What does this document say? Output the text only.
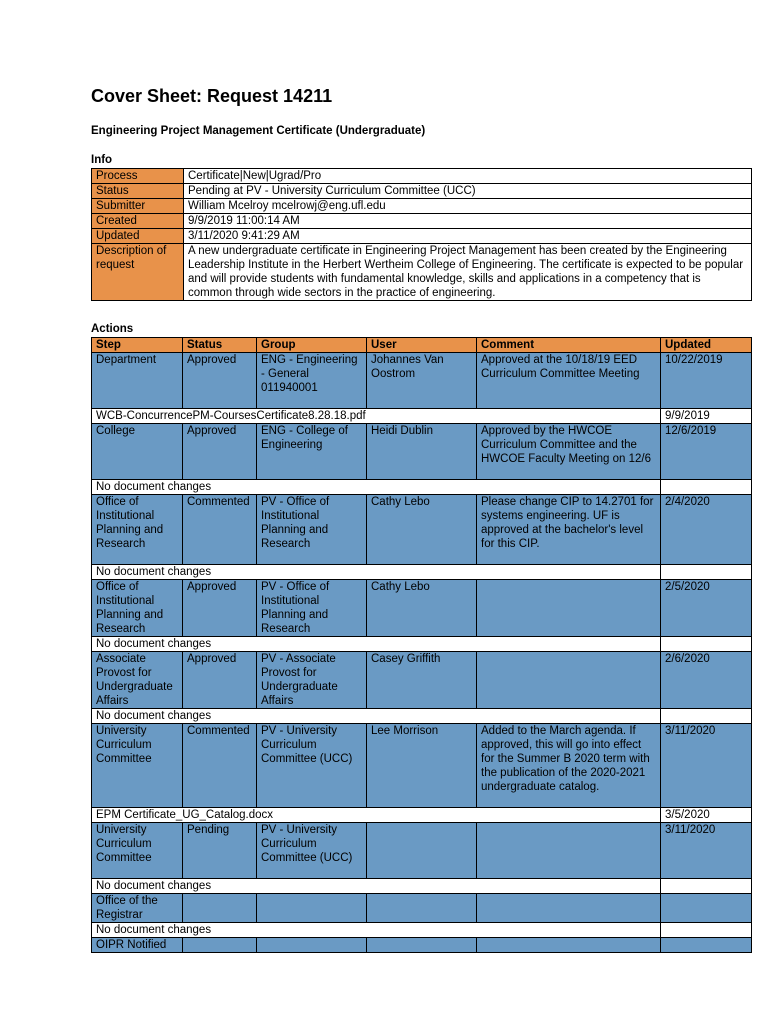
Cover Sheet: Request 14211
Engineering Project Management Certificate (Undergraduate)
Info
Process	Certificate|New|Ugrad/Pro
Status	Pending at PV - University Curriculum Committee (UCC)
Submitter	William Mcelroy mcelrowj@eng.ufl.edu
Created	9/9/2019 11:00:14 AM
Updated	3/11/2020 9:41:29 AM
Description of request	A new undergraduate certificate in Engineering Project Management has been created by the Engineering Leadership Institute in the Herbert Wertheim College of Engineering. The certificate is expected to be popular and will provide students with fundamental knowledge, skills and applications in a competency that is common through wide sectors in the practice of engineering.
Actions
Step	Status	Group	User	Comment	Updated
Department	Approved	ENG - Engineering - General 011940001	Johannes Van Oostrom	Approved at the 10/18/19 EED Curriculum Committee Meeting	10/22/2019
WCB-ConcurrencePM-CoursesCertificate8.28.18.pdf					9/9/2019
College	Approved	ENG - College of Engineering	Heidi Dublin	Approved by the HWCOE Curriculum Committee and the HWCOE Faculty Meeting on 12/6	12/6/2019
No document changes					
Office of Institutional Planning and Research	Commented	PV - Office of Institutional Planning and Research	Cathy Lebo	Please change CIP to 14.2701 for systems engineering. UF is approved at the bachelor's level for this CIP.	2/4/2020
No document changes					
Office of Institutional Planning and Research	Approved	PV - Office of Institutional Planning and Research	Cathy Lebo		2/5/2020
No document changes					
Associate Provost for Undergraduate Affairs	Approved	PV - Associate Provost for Undergraduate Affairs	Casey Griffith		2/6/2020
No document changes					
University Curriculum Committee	Commented	PV - University Curriculum Committee (UCC)	Lee Morrison	Added to the March agenda. If approved, this will go into effect for the Summer B 2020 term with the publication of the 2020-2021 undergraduate catalog.	3/11/2020
EPM Certificate_UG_Catalog.docx					3/5/2020
University Curriculum Committee	Pending	PV - University Curriculum Committee (UCC)			3/11/2020
No document changes					
Office of the Registrar					
No document changes					
OIPR Notified					
